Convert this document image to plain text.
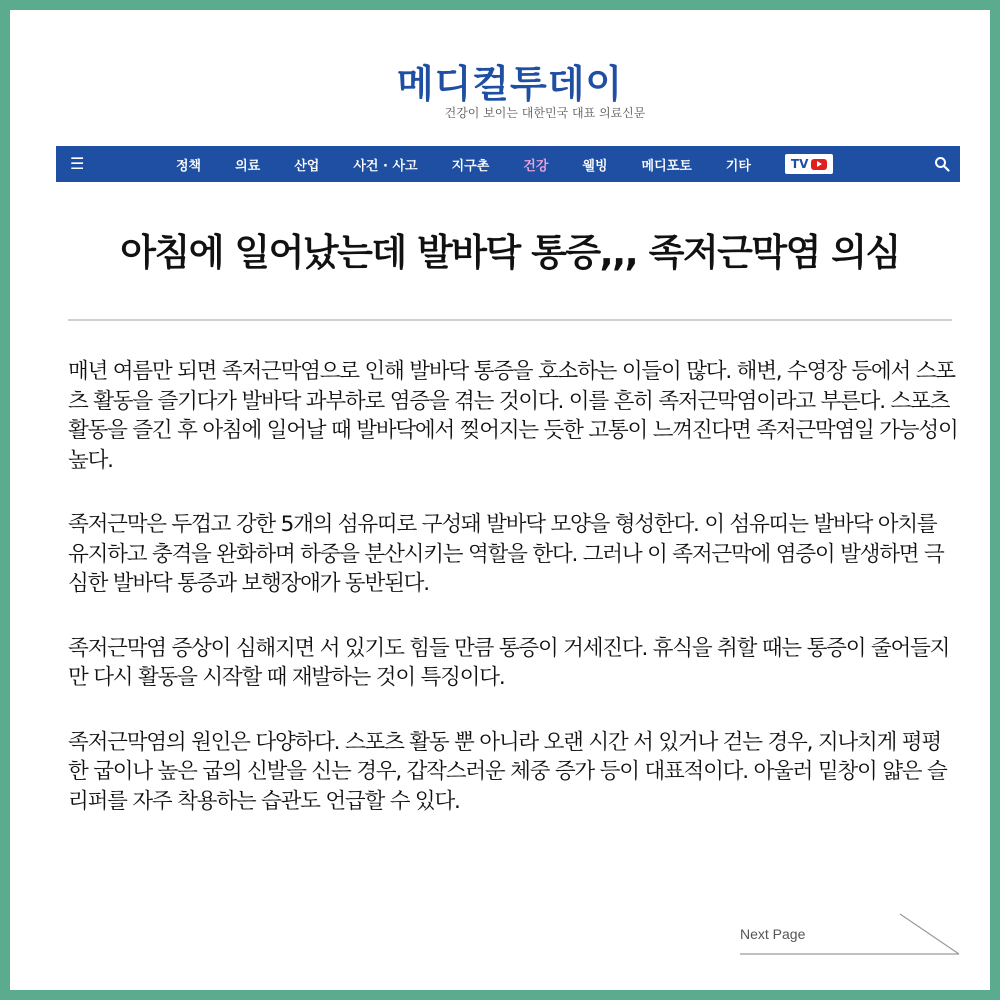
메디컬투데이
건강이 보이는 대한민국 대표 의료신문
☰	정책	의료	산업	사건 · 사고	지구촌	건강	웰빙	메디포토	기타	TV
아침에 일어났는데 발바닥 통증,,, 족저근막염 의심

매년 여름만 되면 족저근막염으로 인해 발바닥 통증을 호소하는 이들이 많다. 해변, 수영장 등에서 스포츠 활동을 즐기다가 발바닥 과부하로 염증을 겪는 것이다. 이를 흔히 족저근막염이라고 부른다. 스포츠 활동을 즐긴 후 아침에 일어날 때 발바닥에서 찢어지는 듯한 고통이 느껴진다면 족저근막염일 가능성이 높다.

족저근막은 두껍고 강한 5개의 섬유띠로 구성돼 발바닥 모양을 형성한다. 이 섬유띠는 발바닥 아치를 유지하고 충격을 완화하며 하중을 분산시키는 역할을 한다. 그러나 이 족저근막에 염증이 발생하면 극심한 발바닥 통증과 보행장애가 동반된다.

족저근막염 증상이 심해지면 서 있기도 힘들 만큼 통증이 거세진다. 휴식을 취할 때는 통증이 줄어들지만 다시 활동을 시작할 때 재발하는 것이 특징이다.

족저근막염의 원인은 다양하다. 스포츠 활동 뿐 아니라 오랜 시간 서 있거나 걷는 경우, 지나치게 평평한 굽이나 높은 굽의 신발을 신는 경우, 갑작스러운 체중 증가 등이 대표적이다. 아울러 밑창이 얇은 슬리퍼를 자주 착용하는 습관도 언급할 수 있다.

Next Page
